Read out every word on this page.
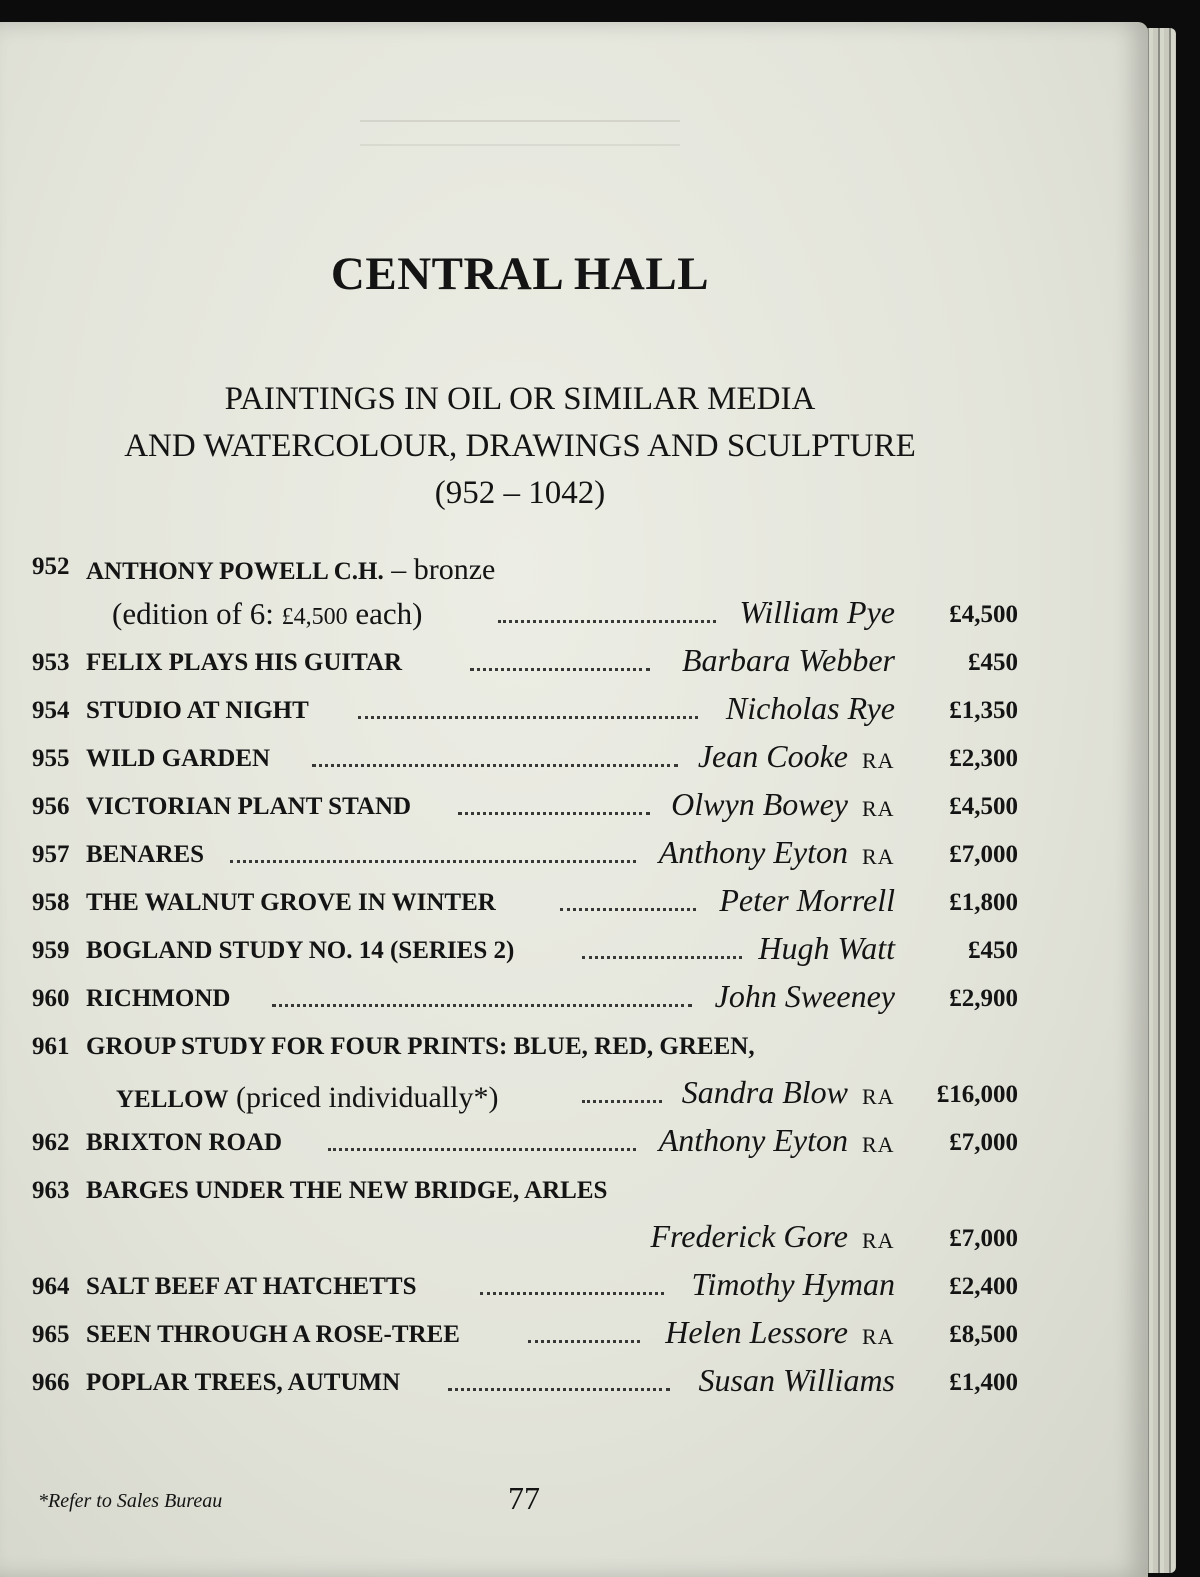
CENTRAL HALL
PAINTINGS IN OIL OR SIMILAR MEDIA
AND WATERCOLOUR, DRAWINGS AND SCULPTURE
(952 – 1042)
952 ANTHONY POWELL C.H. – bronze
(edition of 6: £4,500 each)	William Pye £4,500
953 FELIX PLAYS HIS GUITAR	Barbara Webber	£450
954 STUDIO AT NIGHT	Nicholas Rye £1,350
955 WILD GARDEN	Jean Cooke RA £2,300
956 VICTORIAN PLANT STAND	Olwyn Bowey RA £4,500
957 BENARES	Anthony Eyton RA £7,000
958 THE WALNUT GROVE IN WINTER	Peter Morrell £1,800
959 BOGLAND STUDY NO. 14 (SERIES 2)	Hugh Watt	£450
960 RICHMOND	John Sweeney £2,900
961 GROUP STUDY FOR FOUR PRINTS: BLUE, RED, GREEN,
YELLOW (priced individually*)	Sandra Blow RA £16,000
962 BRIXTON ROAD	Anthony Eyton RA £7,000
963 BARGES UNDER THE NEW BRIDGE, ARLES
Frederick Gore RA £7,000
964 SALT BEEF AT HATCHETTS	Timothy Hyman £2,400
965 SEEN THROUGH A ROSE-TREE	Helen Lessore RA £8,500
966 POPLAR TREES, AUTUMN	Susan Williams £1,400
*Refer to Sales Bureau	77
